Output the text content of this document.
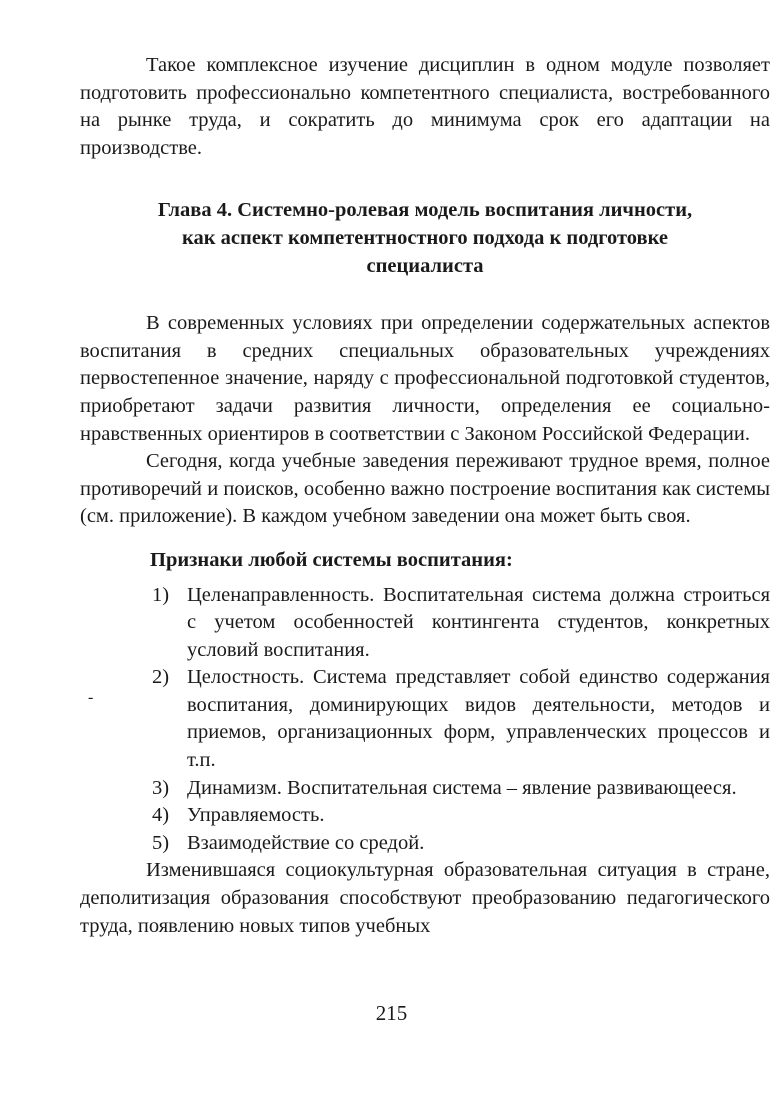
Такое комплексное изучение дисциплин в одном модуле позволяет подготовить профессионально компетентного специалиста, востребованного на рынке труда, и сократить до минимума срок его адаптации на производстве.

Глава 4. Системно-ролевая модель воспитания личности,
как аспект компетентностного подхода к подготовке
специалиста

В современных условиях при определении содержательных аспектов воспитания в средних специальных образовательных учреждениях первостепенное значение, наряду с профессиональной подготовкой студентов, приобретают задачи развития личности, определения ее социально-нравственных ориентиров в соответствии с Законом Российской Федерации.

Сегодня, когда учебные заведения переживают трудное время, полное противоречий и поисков, особенно важно построение воспитания как системы (см. приложение). В каждом учебном заведении она может быть своя.

Признаки любой системы воспитания:
1) Целенаправленность. Воспитательная система должна строиться с учетом особенностей контингента студентов, конкретных условий воспитания.
2) Целостность. Система представляет собой единство содержания воспитания, доминирующих видов деятельности, методов и приемов, организационных форм, управленческих процессов и т.п.
3) Динамизм. Воспитательная система – явление развивающееся.
4) Управляемость.
5) Взаимодействие со средой.

Изменившаяся социокультурная образовательная ситуация в стране, деполитизация образования способствуют преобразованию педагогического труда, появлению новых типов учебных

-
215
